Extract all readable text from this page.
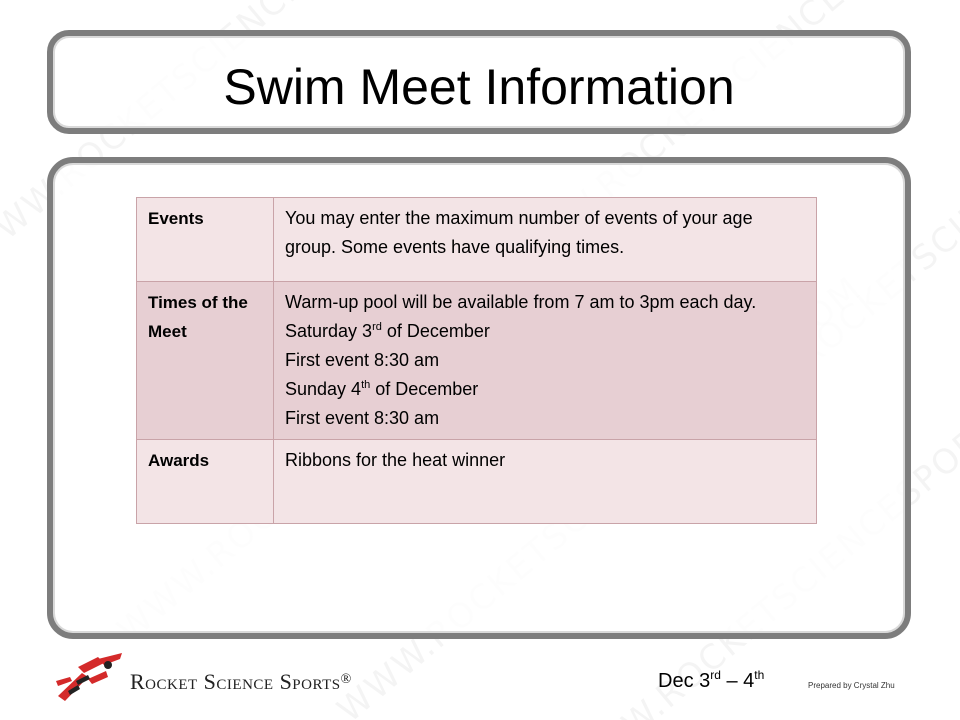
Swim Meet Information
Events	You may enter the maximum number of events of your age group. Some events have qualifying times.
Times of the Meet	Warm-up pool will be available from 7 am to 3pm each day.
Saturday 3rd of December
First event 8:30 am
Sunday 4th of December
First event 8:30 am

Awards	Ribbons for the heat winner
Rocket Science Sports®	Dec 3rd – 4th
Prepared by Crystal Zhu
